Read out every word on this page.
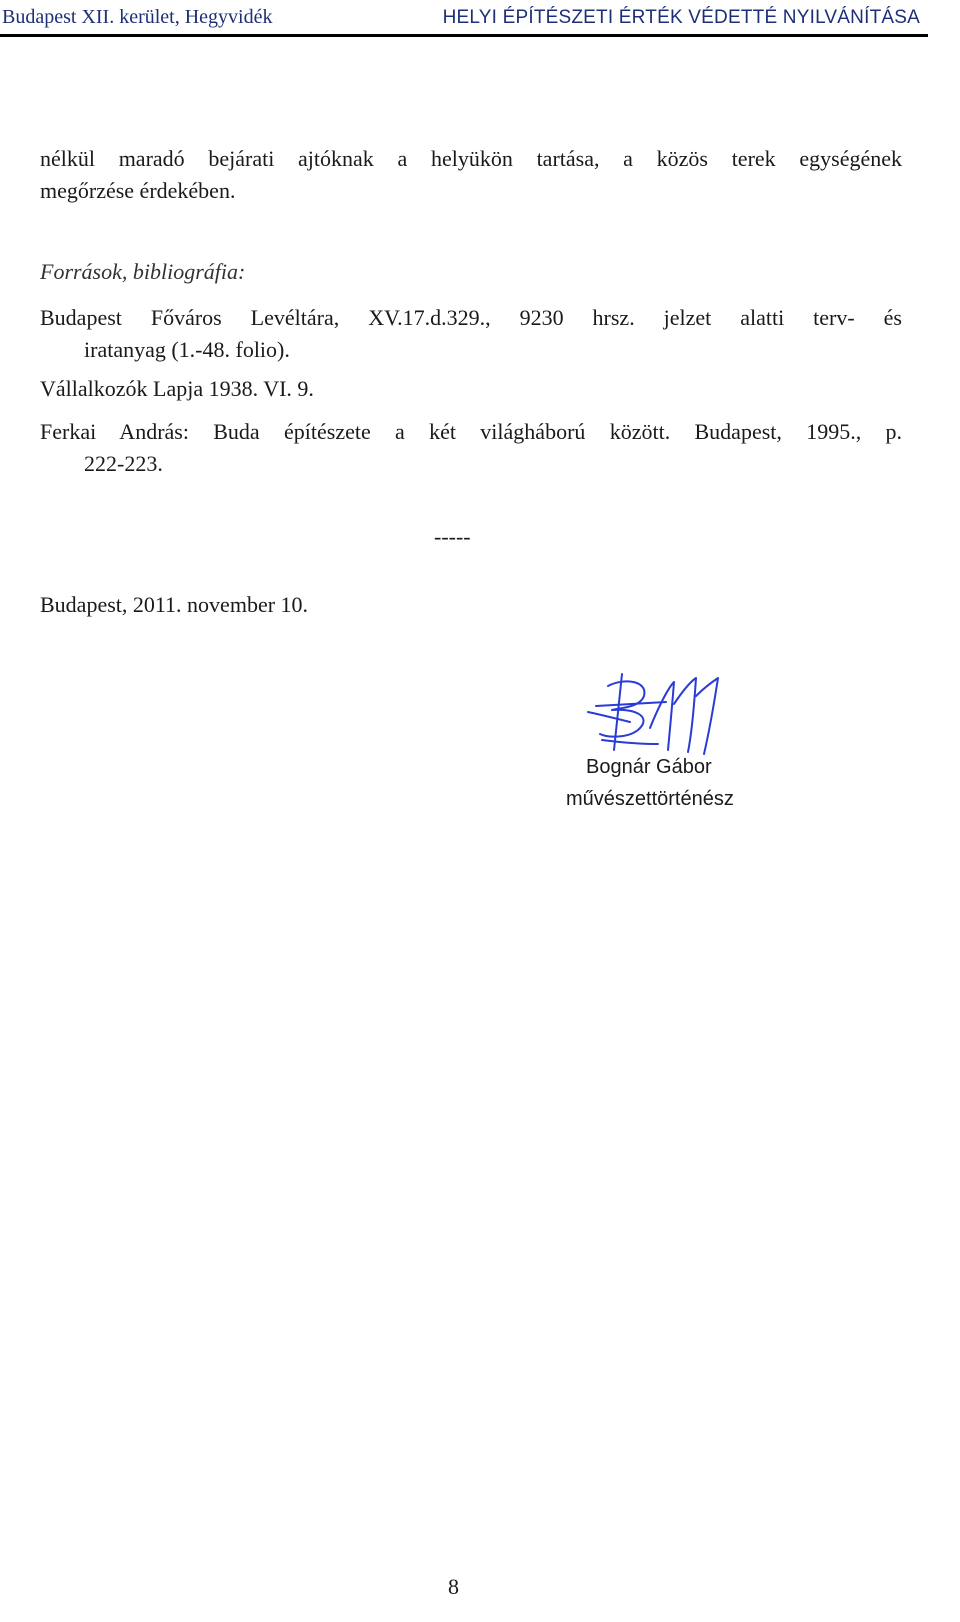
Budapest XII. kerület, Hegyvidék	HELYI ÉPÍTÉSZETI ÉRTÉK VÉDETTÉ NYILVÁNÍTÁSA
nélkül maradó bejárati ajtóknak a helyükön tartása, a közös terek egységének
megőrzése érdekében.
Források, bibliográfia:
Budapest Főváros Levéltára, XV.17.d.329., 9230 hrsz. jelzet alatti terv- és
iratanyag (1.-48. folio).
Vállalkozók Lapja 1938. VI. 9.
Ferkai András: Buda építészete a két világháború között. Budapest, 1995., p.
222-223.
-----
Budapest, 2011. november 10.
Bognár Gábor
művészettörténész
8
